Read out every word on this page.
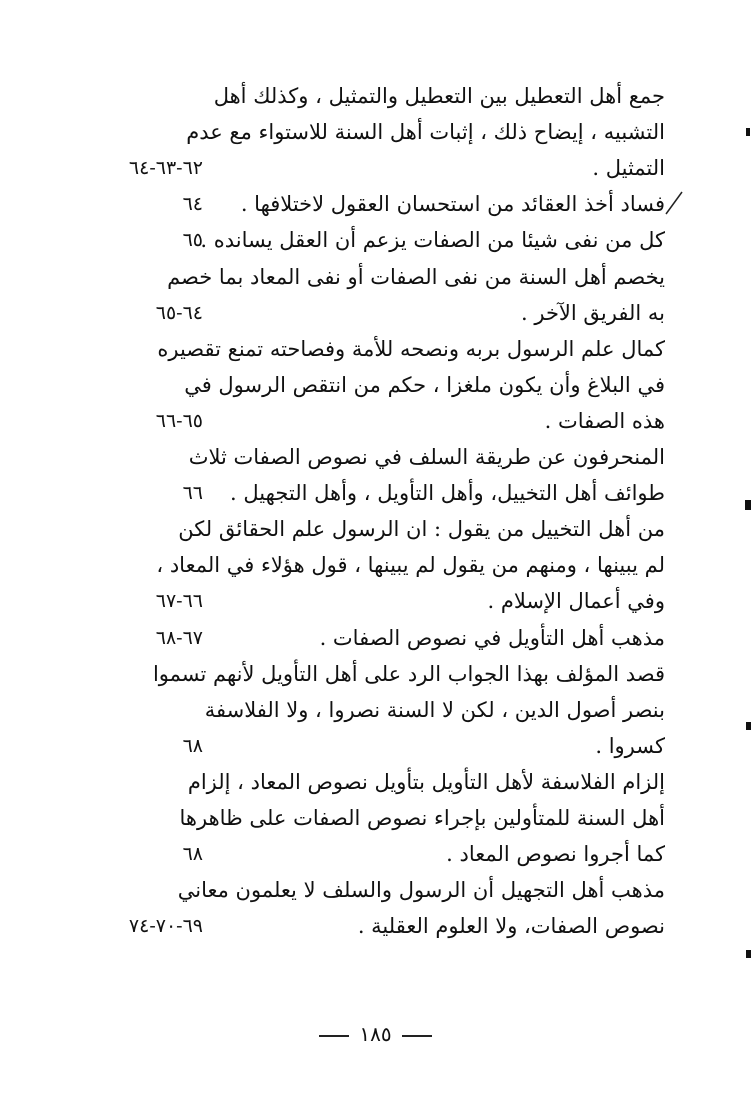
جمع أهل التعطيل بين التعطيل والتمثيل ، وكذلك أهل
التشبيه ، إيضاح ذلك ، إثبات أهل السنة للاستواء مع عدم
التمثيل .
٦٢-٦٣-٦٤
فساد أخذ العقائد من استحسان العقول لاختلافها .
٦٤
كل من نفى شيئا من الصفات يزعم أن العقل يسانده .
٦٥
يخصم أهل السنة من نفى الصفات أو نفى المعاد بما خصم
به الفريق الآخر .
٦٤-٦٥
كمال علم الرسول بربه ونصحه للأمة وفصاحته تمنع تقصيره
في البلاغ وأن يكون ملغزا ، حكم من انتقص الرسول في
هذه الصفات .
٦٥-٦٦
المنحرفون عن طريقة السلف في نصوص الصفات ثلاث
طوائف أهل التخييل، وأهل التأويل ، وأهل التجهيل .
٦٦
من أهل التخييل من يقول : ان الرسول علم الحقائق لكن
لم يبينها ، ومنهم من يقول لم يبينها ، قول هؤلاء في المعاد ،
وفي أعمال الإسلام .
٦٦-٦٧
مذهب أهل التأويل في نصوص الصفات .
٦٧-٦٨
قصد المؤلف بهذا الجواب الرد على أهل التأويل لأنهم تسموا
بنصر أصول الدين ، لكن لا السنة نصروا ، ولا الفلاسفة
كسروا .
٦٨
إلزام الفلاسفة لأهل التأويل بتأويل نصوص المعاد ، إلزام
أهل السنة للمتأولين بإجراء نصوص الصفات على ظاهرها
كما أجروا نصوص المعاد .
٦٨
مذهب أهل التجهيل أن الرسول والسلف لا يعلمون معاني
نصوص الصفات، ولا العلوم العقلية .
٦٩-٧٠-٧٤
١٨٥
